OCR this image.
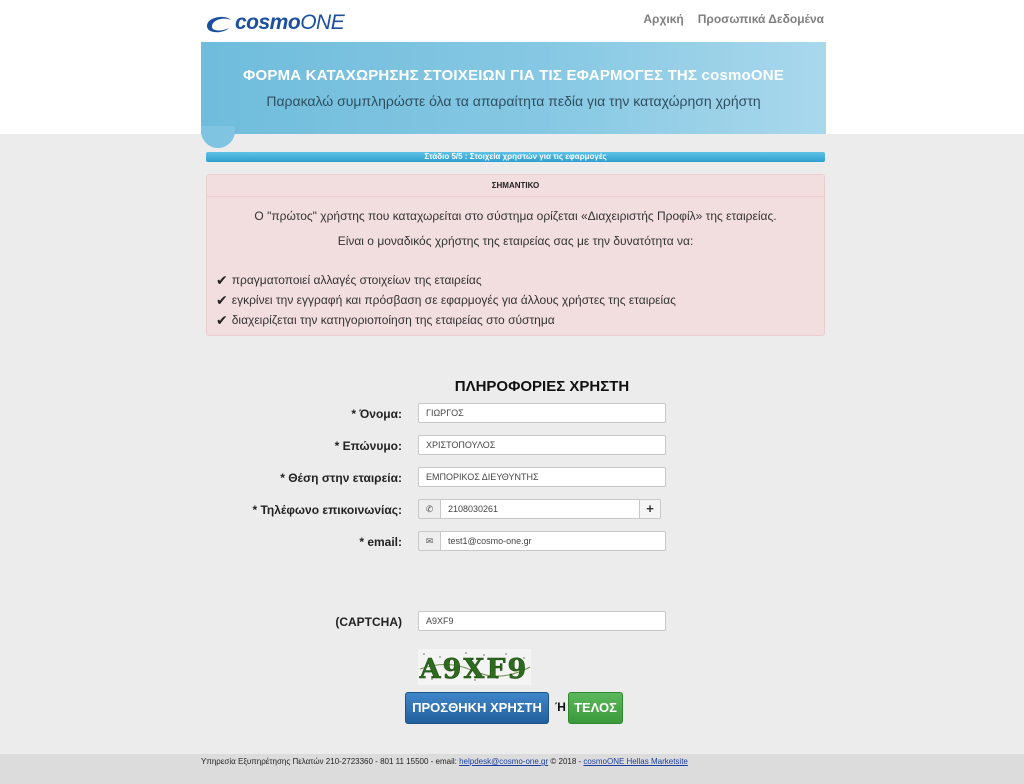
cosmoONE	Αρχική Προσωπικά Δεδομένα
ΦΟΡΜΑ ΚΑΤΑΧΩΡΗΣΗΣ ΣΤΟΙΧΕΙΩΝ ΓΙΑ ΤΙΣ ΕΦΑΡΜΟΓΕΣ ΤΗΣ cosmoONE
Παρακαλώ συμπληρώστε όλα τα απαραίτητα πεδία για την καταχώρηση χρήστη
Στάδιο 5/5 : Στοιχεία χρηστών για τις εφαρμογές
ΣΗΜΑΝΤΙΚΟ
Ο "πρώτος" χρήστης που καταχωρείται στο σύστημα ορίζεται «Διαχειριστής Προφίλ» της εταιρείας.
Είναι ο μοναδικός χρήστης της εταιρείας σας με την δυνατότητα να:
✔ πραγματοποιεί αλλαγές στοιχείων της εταιρείας
✔ εγκρίνει την εγγραφή και πρόσβαση σε εφαρμογές για άλλους χρήστες της εταιρείας
✔ διαχειρίζεται την κατηγοριοποίηση της εταιρείας στο σύστημα
ΠΛΗΡΟΦΟΡΙΕΣ ΧΡΗΣΤΗ
* Όνομα:	ΓΙΩΡΓΟΣ
* Επώνυμο:	ΧΡΙΣΤΟΠΟΥΛΟΣ
* Θέση στην εταιρεία:	ΕΜΠΟΡΙΚΟΣ ΔΙΕΥΘΥΝΤΗΣ
* Τηλέφωνο επικοινωνίας:	✆	2108030261	+
* email:	✉	test1@cosmo-one.gr
(CAPTCHA)	A9XF9
A9XF9
ΠΡΟΣΘΗΚΗ ΧΡΗΣΤΗ	Ή ΤΕΛΟΣ
Υπηρεσία Εξυπηρέτησης Πελατών 210-2723360 - 801 11 15500 - email: helpdesk@cosmo-one.gr © 2018 - cosmoONE Hellas Marketsite
